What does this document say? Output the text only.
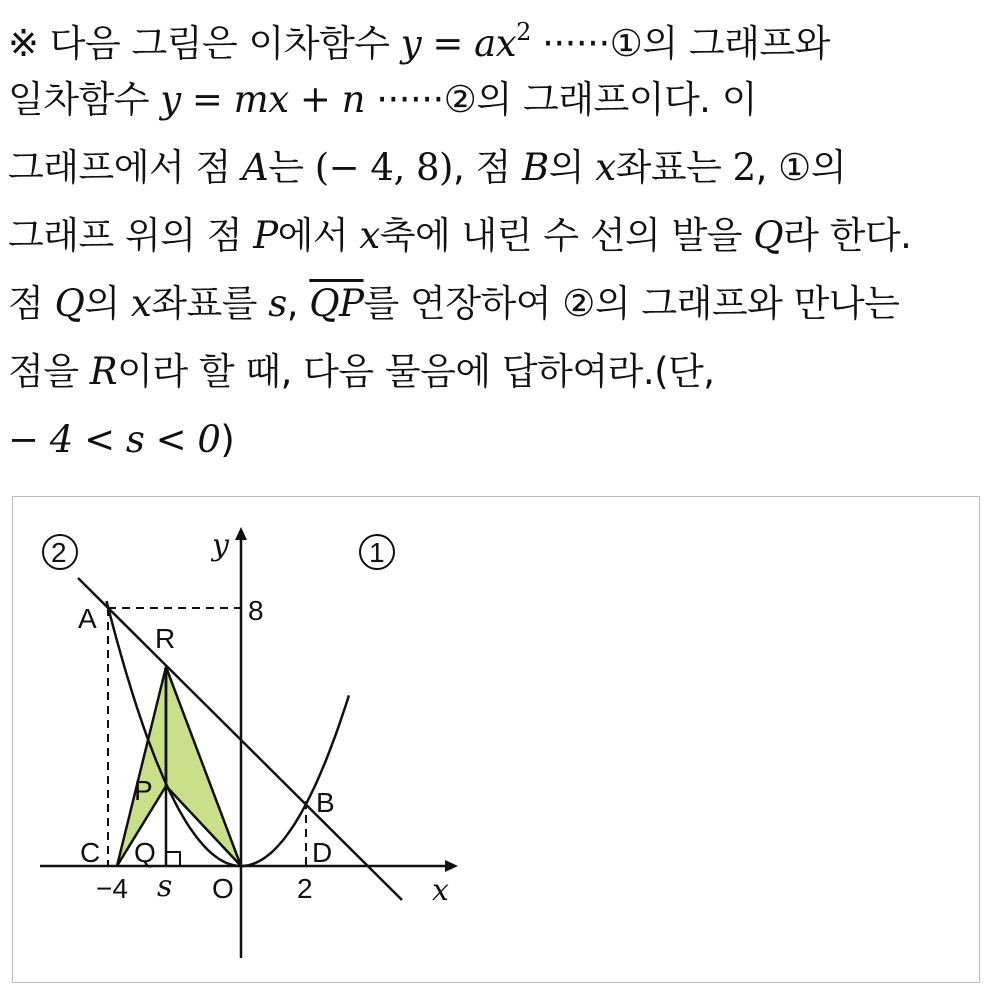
※ 다음 그림은 이차함수 $y = ax^2$ ······①의 그래프와
일차함수 y = mx + n ······②의 그래프이다. 이
그래프에서 점 A는 (− 4, 8), 점 B의 x좌표는 2, ①의
그래프 위의 점 P에서 x축에 내린 수 선의 발을 Q라 한다.
점 Q의 x좌표를 s, $\overline{QP}$를 연장하여 ②의 그래프와 만나는
점을 R이라 할 때, 다음 물음에 답하여라.(단,
− 4 < s < 0)
2	1
y
x
A
R
P	B
C Q	D
O
s
−4	2
8
